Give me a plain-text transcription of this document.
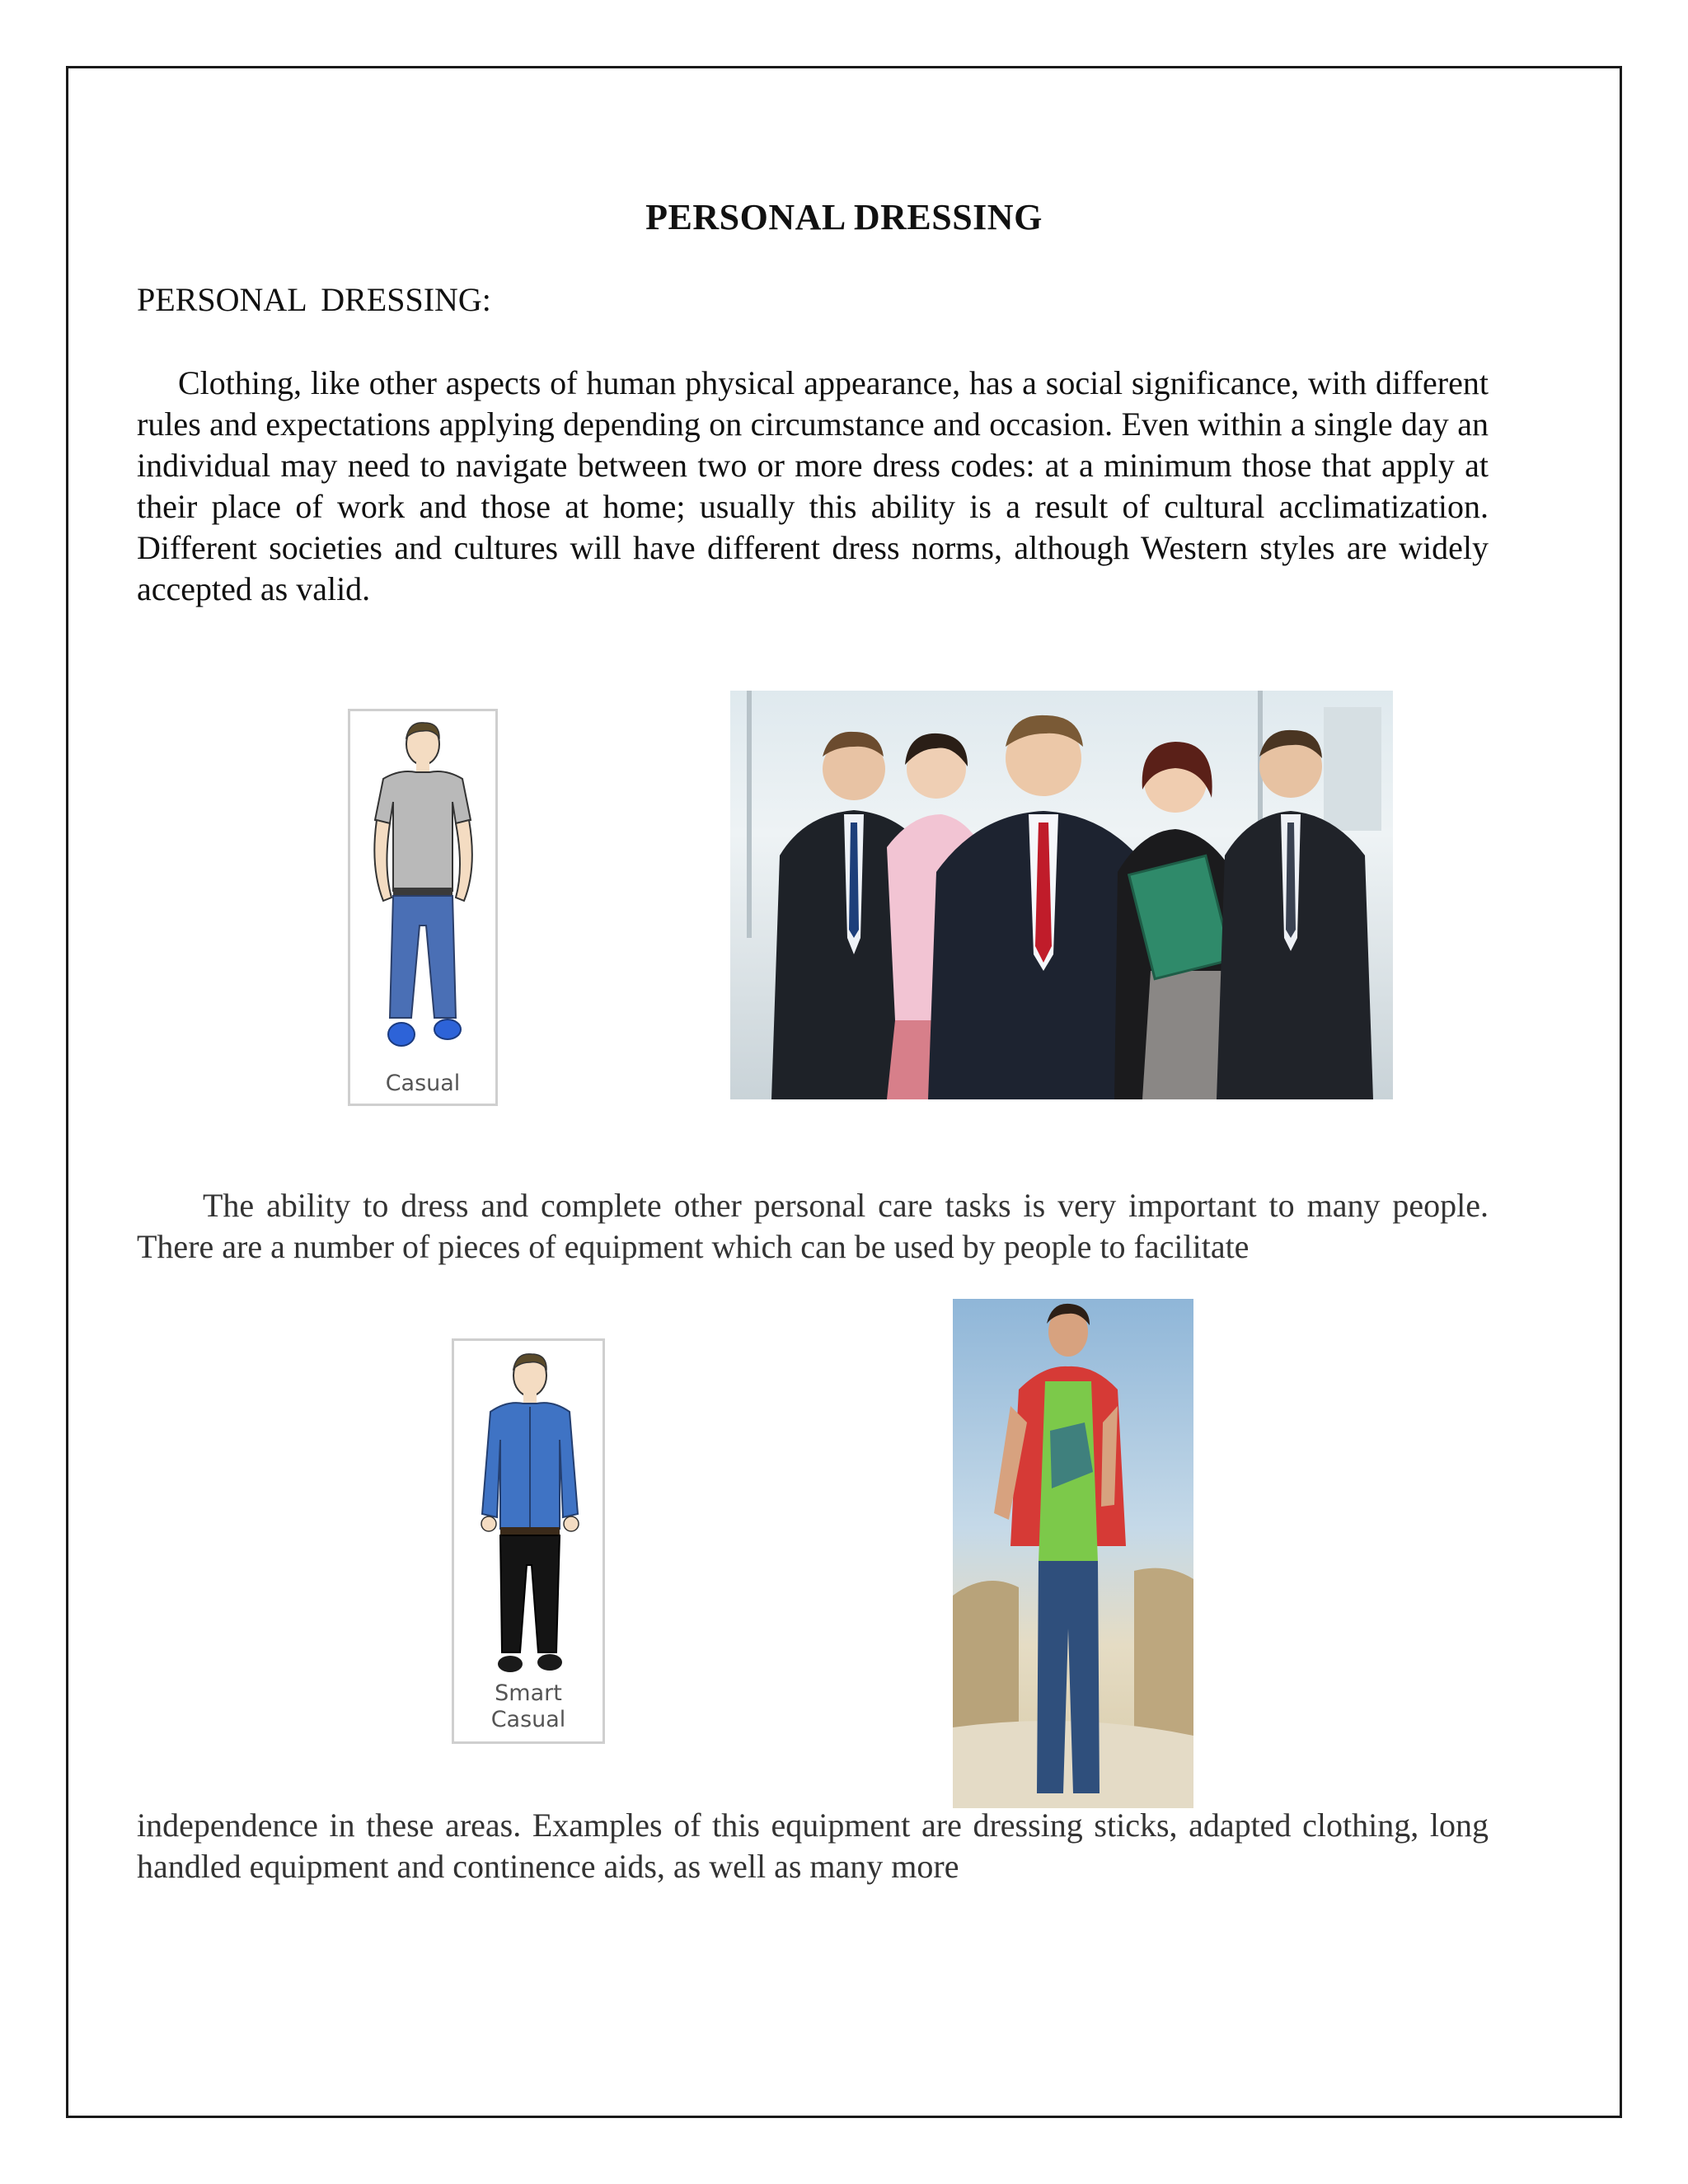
PERSONAL DRESSING
PERSONAL DRESSING:

Clothing, like other aspects of human physical appearance, has a social significance, with different rules and expectations applying depending on circumstance and occasion. Even within a single day an individual may need to navigate between two or more dress codes: at a minimum those that apply at their place of work and those at home; usually this ability is a result of cultural acclimatization. Different societies and cultures will have different dress norms, although Western styles are widely accepted as valid.

Casual

The ability to dress and complete other personal care tasks is very important to many people. There are a number of pieces of equipment which can be used by people to facilitate

Smart
Casual

independence in these areas. Examples of this equipment are dressing sticks, adapted clothing, long handled equipment and continence aids, as well as many more
